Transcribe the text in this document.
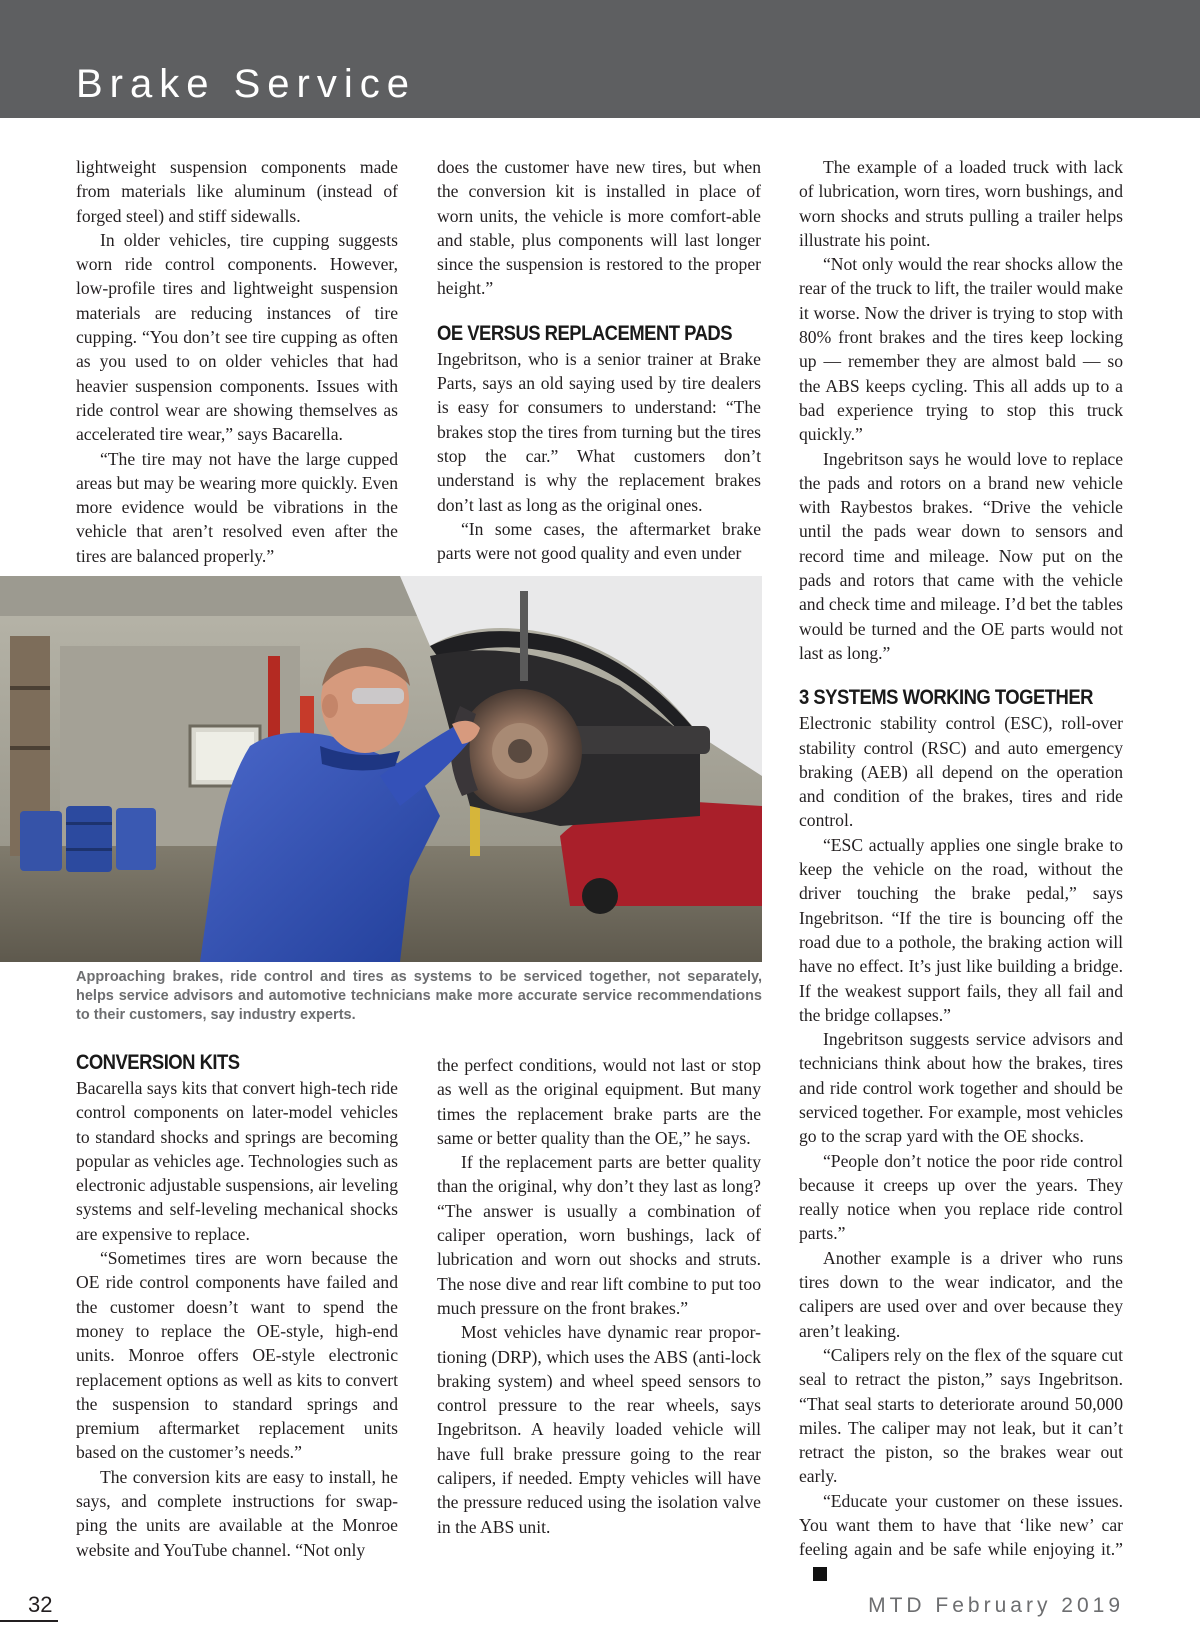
Brake Service

lightweight suspension components made from materials like aluminum (instead of forged steel) and stiff sidewalls.

In older vehicles, tire cupping suggests worn ride control components. However, low-profile tires and lightweight suspension materials are reducing instances of tire cupping. “You don’t see tire cupping as often as you used to on older vehicles that had heavier suspension components. Issues with ride control wear are showing themselves as accelerated tire wear,” says Bacarella.

“The tire may not have the large cupped areas but may be wearing more quickly. Even more evidence would be vibrations in the vehicle that aren’t resolved even after the tires are balanced properly.”

does the customer have new tires, but when the conversion kit is installed in place of worn units, the vehicle is more comfort-able and stable, plus components will last longer since the suspension is restored to the proper height.”

OE VERSUS REPLACEMENT PADS

Ingebritson, who is a senior trainer at Brake Parts, says an old saying used by tire dealers is easy for consumers to understand: “The brakes stop the tires from turning but the tires stop the car.” What customers don’t understand is why the replacement brakes don’t last as long as the original ones.

“In some cases, the aftermarket brake parts were not good quality and even under

The example of a loaded truck with lack of lubrication, worn tires, worn bushings, and worn shocks and struts pulling a trailer helps illustrate his point.

“Not only would the rear shocks allow the rear of the truck to lift, the trailer would make it worse. Now the driver is trying to stop with 80% front brakes and the tires keep locking up — remember they are almost bald — so the ABS keeps cycling. This all adds up to a bad experience trying to stop this truck quickly.”

Ingebritson says he would love to replace the pads and rotors on a brand new vehicle with Raybestos brakes. “Drive the vehicle until the pads wear down to sensors and record time and mileage. Now put on the pads and rotors that came with the vehicle and check time and mileage. I’d bet the tables would be turned and the OE parts would not last as long.”

3 SYSTEMS WORKING TOGETHER

Electronic stability control (ESC), roll-over stability control (RSC) and auto emergency braking (AEB) all depend on the operation and condition of the brakes, tires and ride control.

“ESC actually applies one single brake to keep the vehicle on the road, without the driver touching the brake pedal,” says Ingebritson. “If the tire is bouncing off the road due to a pothole, the braking action will have no effect. It’s just like building a bridge. If the weakest support fails, they all fail and the bridge collapses.”

Ingebritson suggests service advisors and technicians think about how the brakes, tires and ride control work together and should be serviced together. For example, most vehicles go to the scrap yard with the OE shocks.

“People don’t notice the poor ride control because it creeps up over the years. They really notice when you replace ride control parts.”

Another example is a driver who runs tires down to the wear indicator, and the calipers are used over and over because they aren’t leaking.

“Calipers rely on the flex of the square cut seal to retract the piston,” says Ingebritson. “That seal starts to deteriorate around 50,000 miles. The caliper may not leak, but it can’t retract the piston, so the brakes wear out early.

“Educate your customer on these issues. You want them to have that ‘like new’ car feeling again and be safe while enjoying it.”

Approaching brakes, ride control and tires as systems to be serviced together, not separately, helps service advisors and automotive technicians make more accurate service recommendations to their customers, say industry experts.
CONVERSION KITS

Bacarella says kits that convert high-tech ride control components on later-model vehicles to standard shocks and springs are becoming popular as vehicles age. Technologies such as electronic adjustable suspensions, air leveling systems and self-leveling mechanical shocks are expensive to replace.

“Sometimes tires are worn because the OE ride control components have failed and the customer doesn’t want to spend the money to replace the OE-style, high-end units. Monroe offers OE-style electronic replacement options as well as kits to convert the suspension to standard springs and premium aftermarket replacement units based on the customer’s needs.”

The conversion kits are easy to install, he says, and complete instructions for swap-ping the units are available at the Monroe website and YouTube channel. “Not only

the perfect conditions, would not last or stop as well as the original equipment. But many times the replacement brake parts are the same or better quality than the OE,” he says.

If the replacement parts are better quality than the original, why don’t they last as long? “The answer is usually a combination of caliper operation, worn bushings, lack of lubrication and worn out shocks and struts. The nose dive and rear lift combine to put too much pressure on the front brakes.”

Most vehicles have dynamic rear propor-tioning (DRP), which uses the ABS (anti-lock braking system) and wheel speed sensors to control pressure to the rear wheels, says Ingebritson. A heavily loaded vehicle will have full brake pressure going to the rear calipers, if needed. Empty vehicles will have the pressure reduced using the isolation valve in the ABS unit.

32	MTD February 2019
